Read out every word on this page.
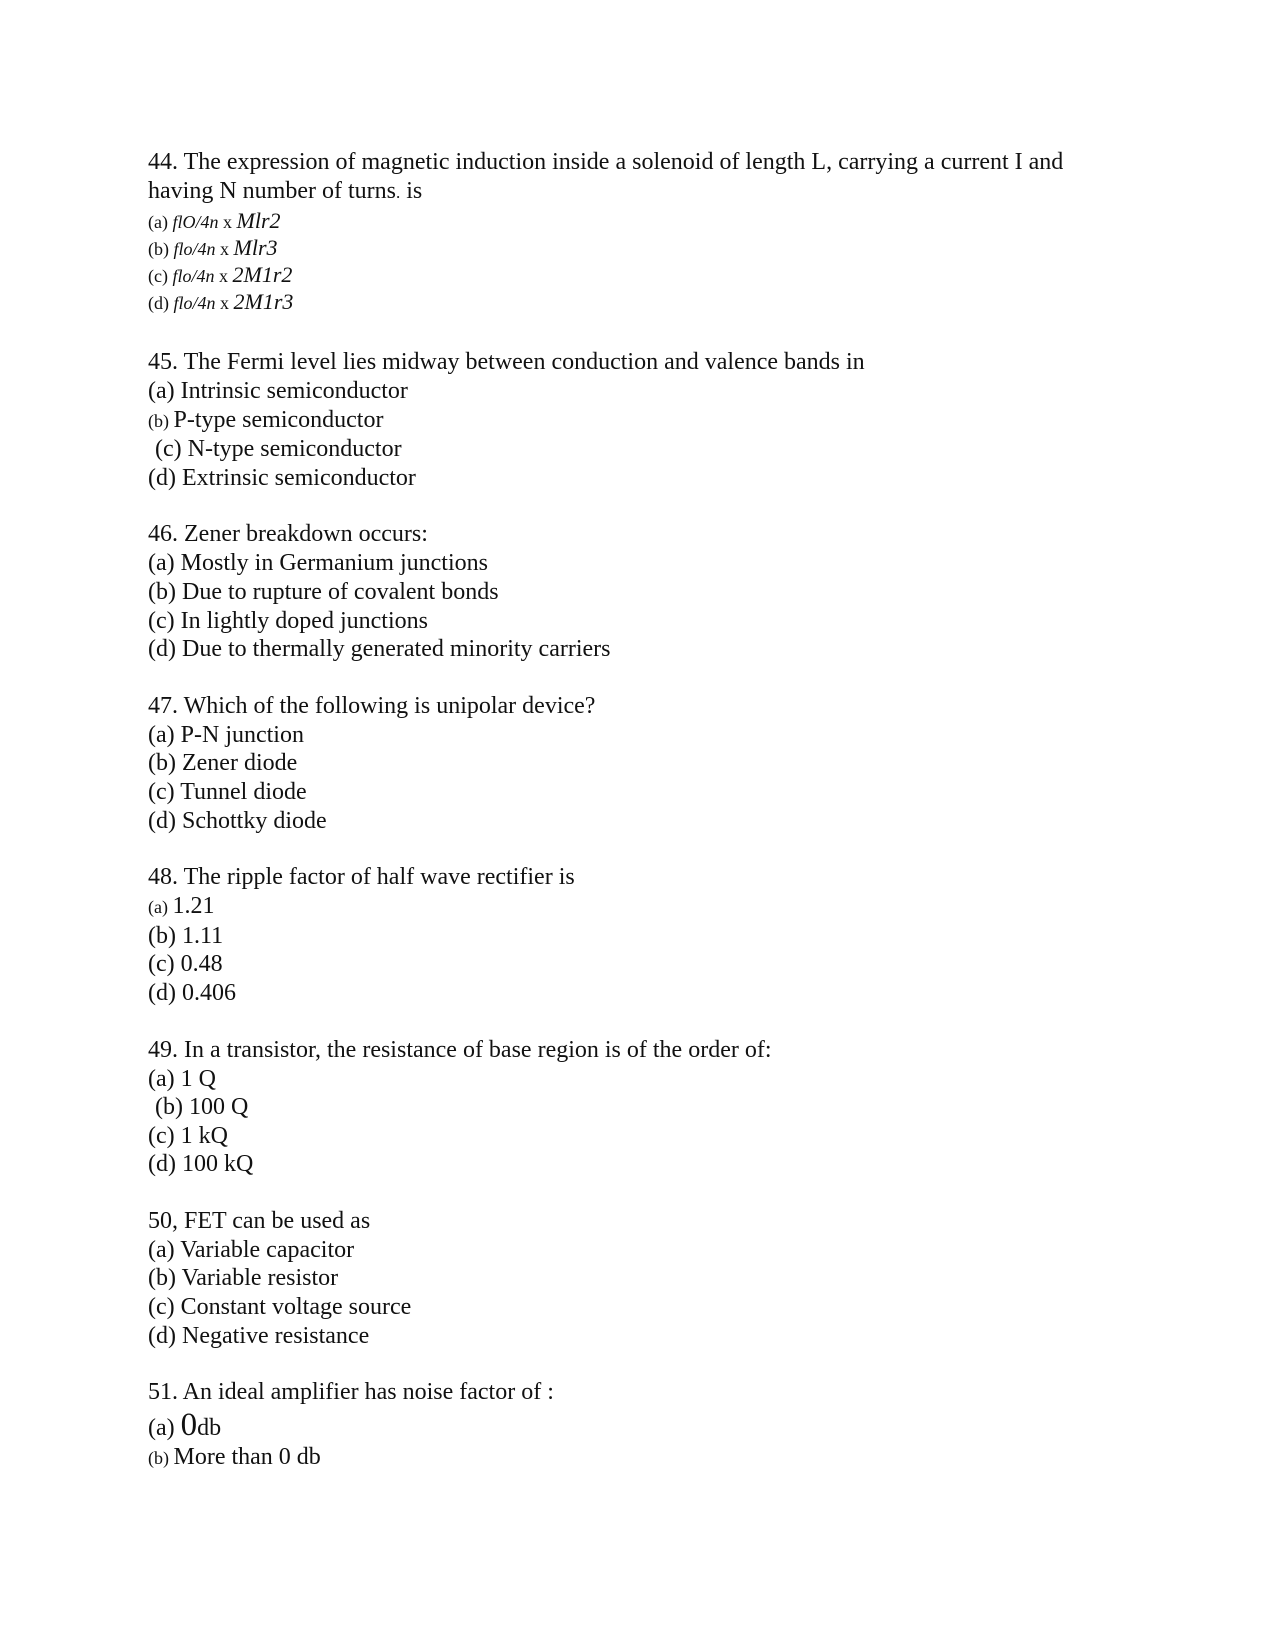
44. The expression of magnetic induction inside a solenoid of length L, carrying a current I and having N number of turns. is

(a) flO/4n x Mlr2

(b) flo/4n x Mlr3

(c) flo/4n x 2M1r2

(d) flo/4n x 2M1r3

45. The Fermi level lies midway between conduction and valence bands in

(a) Intrinsic semiconductor

(b) P-type semiconductor

(c) N-type semiconductor

(d) Extrinsic semiconductor

46. Zener breakdown occurs:

(a) Mostly in Germanium junctions

(b) Due to rupture of covalent bonds

(c) In lightly doped junctions

(d) Due to thermally generated minority carriers

47. Which of the following is unipolar device?

(a) P-N junction

(b) Zener diode

(c) Tunnel diode

(d) Schottky diode

48. The ripple factor of half wave rectifier is

(a) 1.21

(b) 1.11

(c) 0.48

(d) 0.406

49. In a transistor, the resistance of base region is of the order of:

(a) 1 Q

(b) 100 Q

(c) 1 kQ

(d) 100 kQ

50, FET can be used as

(a) Variable capacitor

(b) Variable resistor

(c) Constant voltage source

(d) Negative resistance

51. An ideal amplifier has noise factor of :

(a) 0db

(b) More than 0 db
